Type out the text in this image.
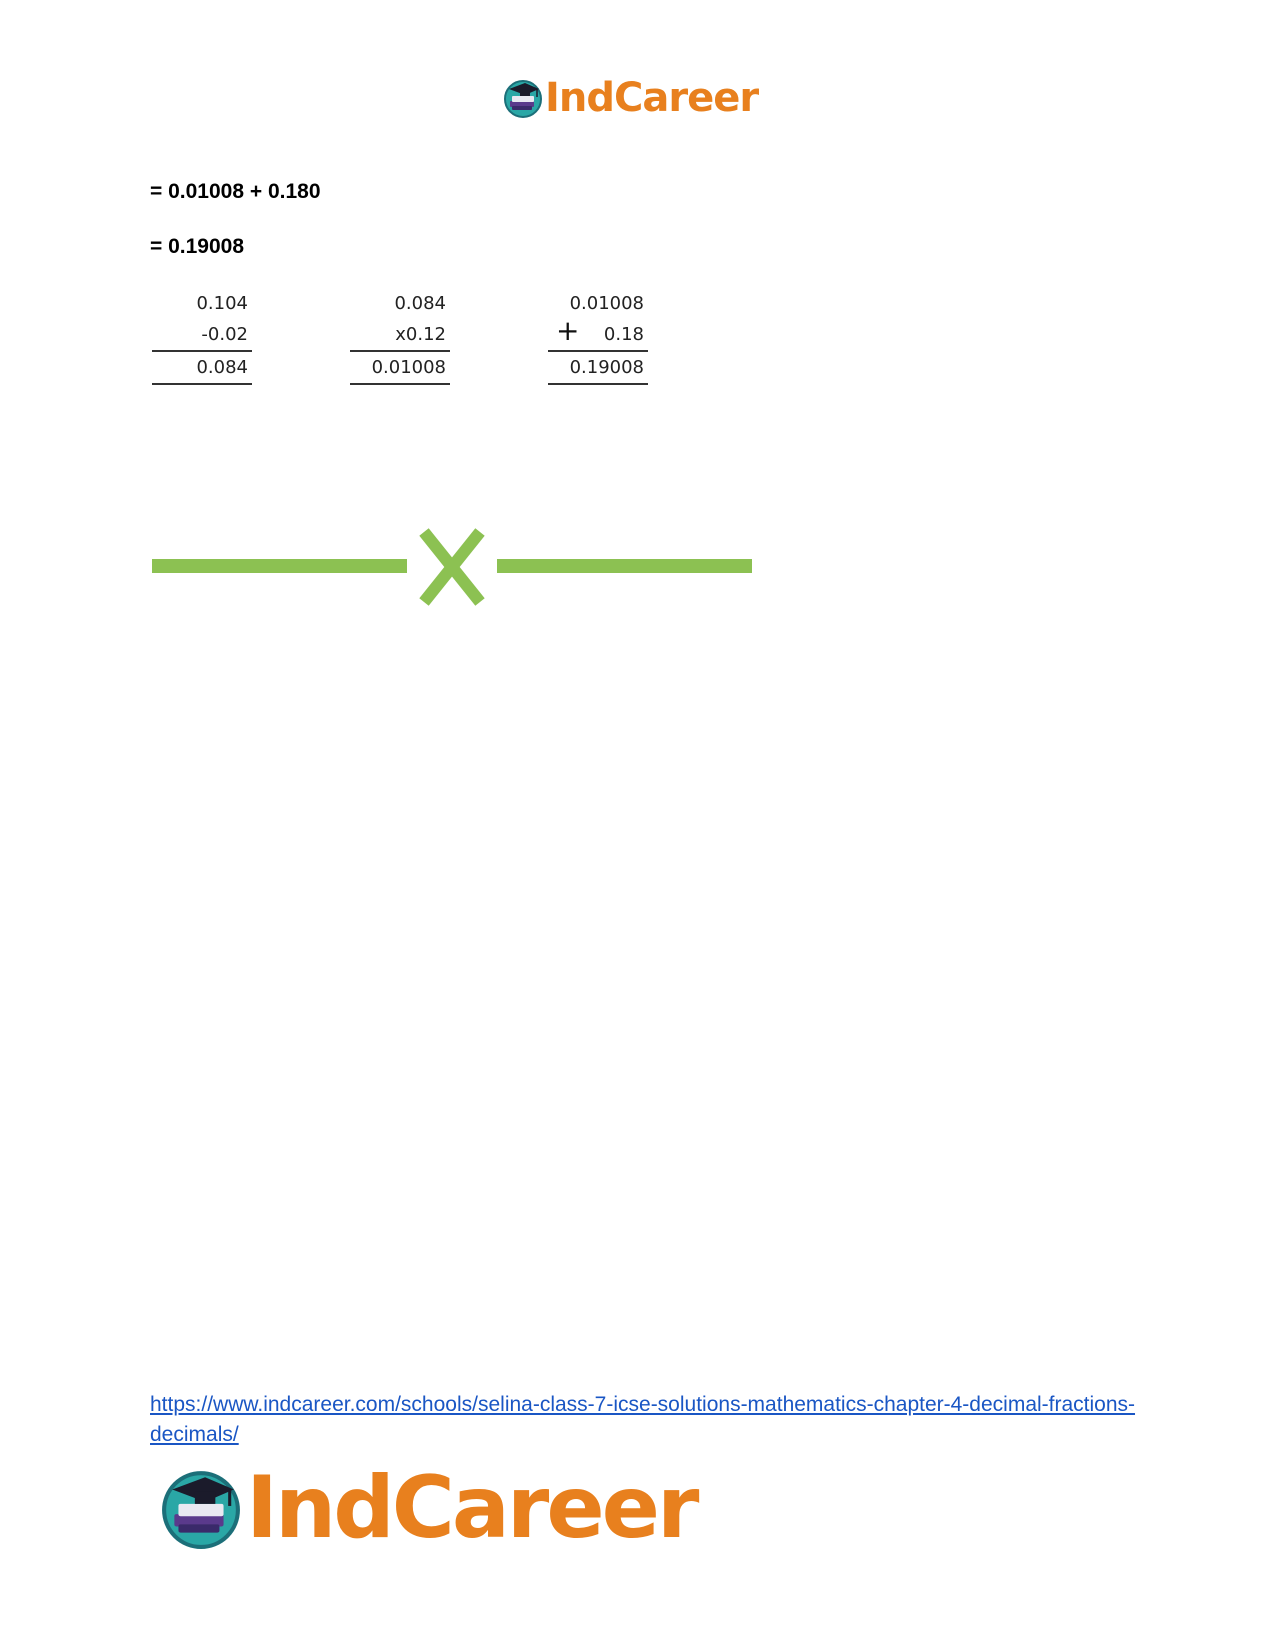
IndCareer
= 0.01008 + 0.180
= 0.19008
0.104
-0.02
0.084
0.084
x0.12
0.01008
0.01008
+ 0.18
0.19008
https://www.indcareer.com/schools/selina-class-7-icse-solutions-mathematics-chapter-4-decimal-fractions-decimals/
IndCareer
